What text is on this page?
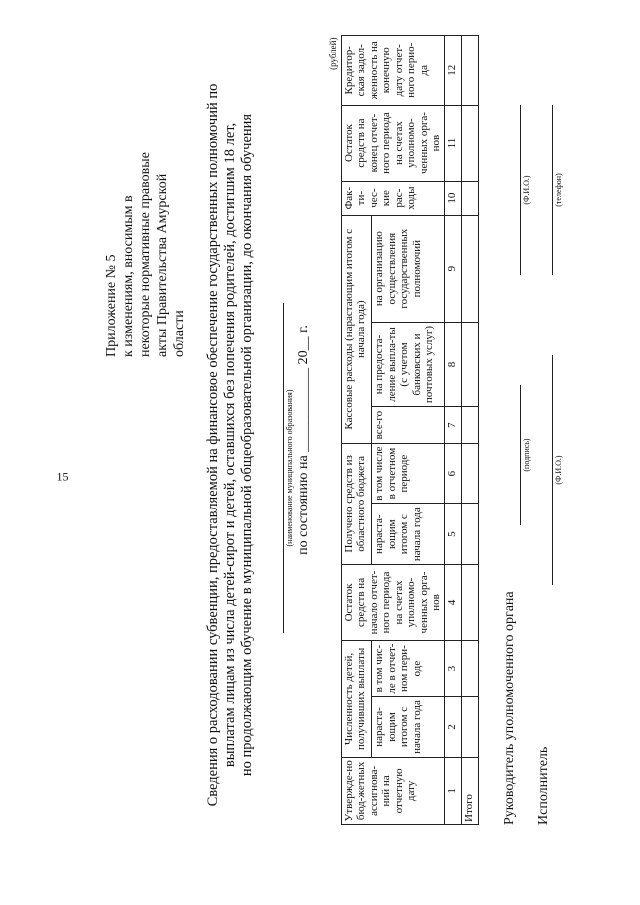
15
Приложение № 5 к изменениям, вносимым в некоторые нормативные правовые акты Правительства Амурской области Сведения о расходовании субвенции, предоставляемой на финансовое обеспечение государственных полномочий по выплатам лицам из числа детей-сирот и детей, оставшихся без попечения родителей, достигшим 18 лет, но продолжающим обучение в муниципальной общеобразовательной организации, до окончания обучения	(наименование муниципального образования) по состоянию на ____________ 20__ г.
(рублей)											
Утвержде-но бюд-жетных ассигнова-ний на отчетную дату	Численность детей, получивших выплаты		Остаток средств на начало отчет-ного периода на счетах уполномо-ченных орга-нов	Получено средств из областного бюджета		Кассовые расходы (нарастающим итогом с начала года)			Фак-ти-чес-кие рас-ходы	Остаток средств на конец отчет-ного периода на счетах уполномо-ченных орга-нов	Кредитор-ская задол-женность на конечную дату отчет-ного перио-да
	нараста-ющим итогом с начала года	в том чис-ле в отчет-ном пери-оде		нараста-ющим итогом с начала года	в том числе в отчетном периоде	все-го	на предоста-ление выпла-ты (с учетом банковских и почтовых услуг)	на организацию осуществления государственных полномочий			
1	2	3	4	5	6	7	8	9	10	11	12
Итого											Руководитель уполномоченного органа
(подпись)
(Ф.И.О.)
Исполнитель
(Ф.И.О.)
(телефон)
